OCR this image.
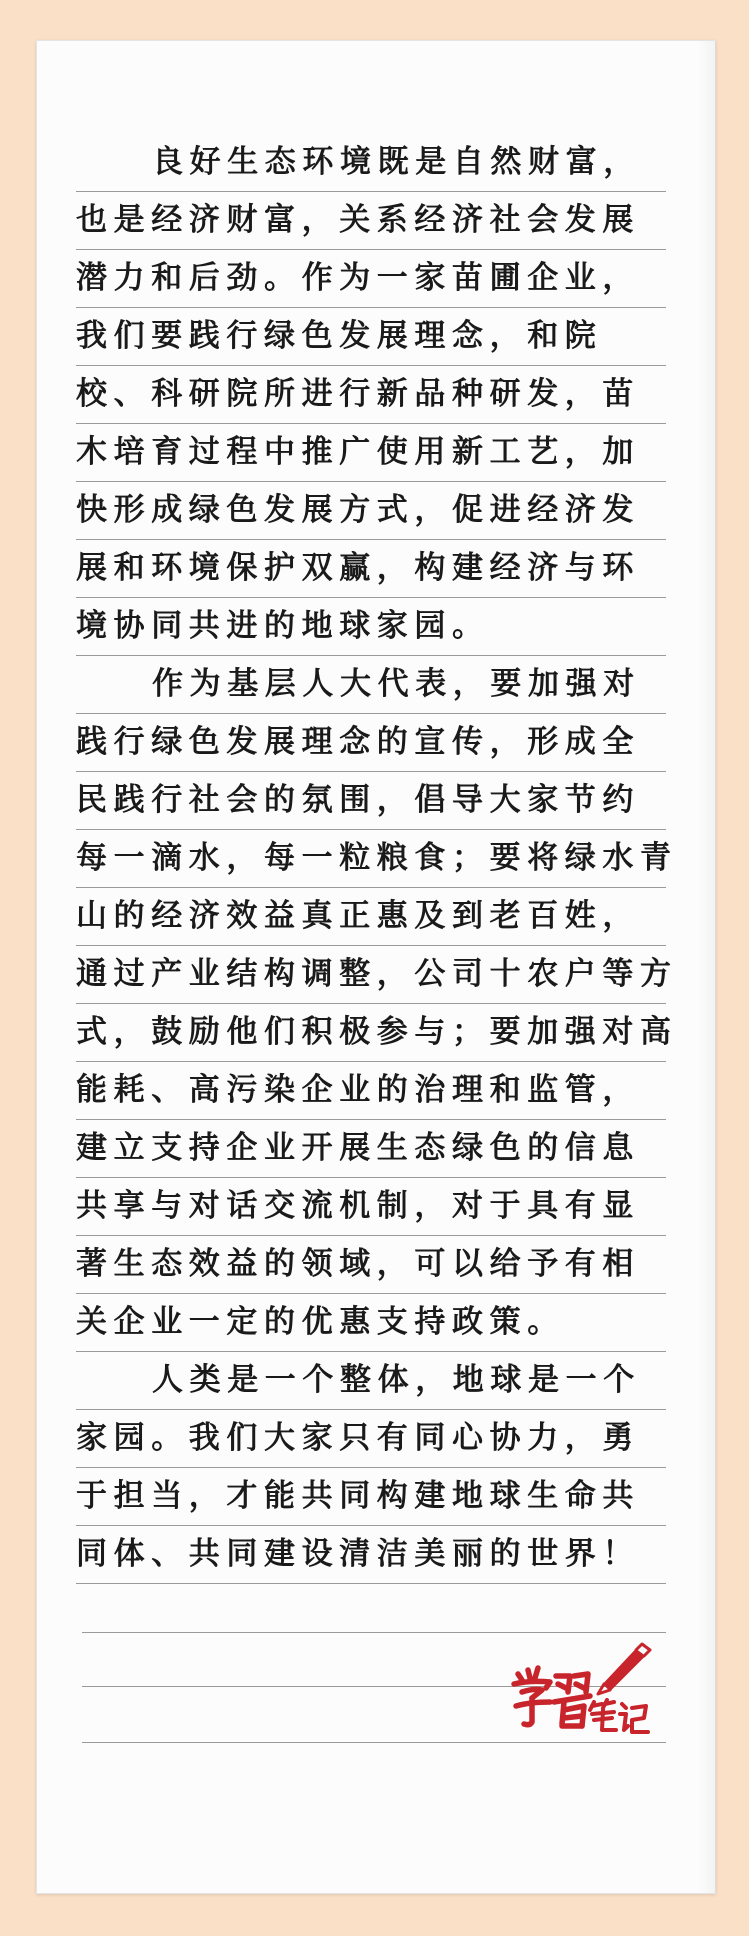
良好生态环境既是自然财富，
也是经济财富，关系经济社会发展
潜力和后劲。作为一家苗圃企业，
我们要践行绿色发展理念，和院
校、科研院所进行新品种研发，苗
木培育过程中推广使用新工艺，加
快形成绿色发展方式，促进经济发
展和环境保护双赢，构建经济与环
境协同共进的地球家园。
作为基层人大代表，要加强对
践行绿色发展理念的宣传，形成全
民践行社会的氛围，倡导大家节约
每一滴水，每一粒粮食；要将绿水青
山的经济效益真正惠及到老百姓，
通过产业结构调整，公司十农户等方
式，鼓励他们积极参与；要加强对高
能耗、高污染企业的治理和监管，
建立支持企业开展生态绿色的信息
共享与对话交流机制，对于具有显
著生态效益的领域，可以给予有相
关企业一定的优惠支持政策。
人类是一个整体，地球是一个
家园。我们大家只有同心协力，勇
于担当，才能共同构建地球生命共
同体、共同建设清洁美丽的世界！
